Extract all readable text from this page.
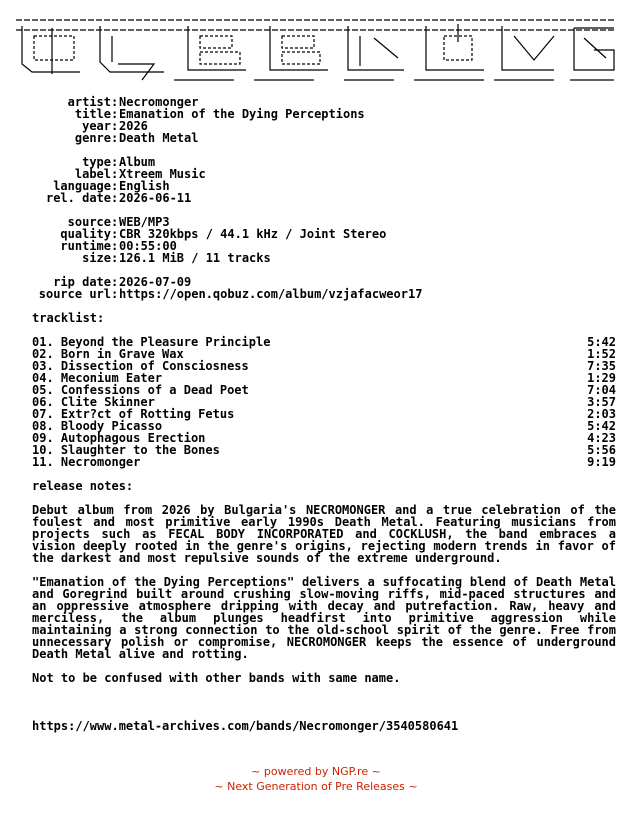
artist : Necromonger
title : Emanation of the Dying Perceptions
year : 2026
genre : Death Metal
type : Album
label : Xtreem Music
language : English
rel. date : 2026-06-11
source : WEB/MP3
quality : CBR 320kbps / 44.1 kHz / Joint Stereo
runtime : 00:55:00
size : 126.1 MiB / 11 tracks
rip date : 2026-07-09
source url : https://open.qobuz.com/album/vzjafacweor17
tracklist:
01. Beyond the Pleasure Principle	5:42
02. Born in Grave Wax	1:52
03. Dissection of Consciosness	7:35
04. Meconium Eater	1:29
05. Confessions of a Dead Poet	7:04
06. Clite Skinner	3:57
07. Extr?ct of Rotting Fetus	2:03
08. Bloody Picasso	5:42
09. Autophagous Erection	4:23
10. Slaughter to the Bones	5:56
11. Necromonger	9:19
release notes:

Debut album from 2026 by Bulgaria's NECROMONGER and a true celebration of the foulest and most primitive early 1990s Death Metal. Featuring musicians from projects such as FECAL BODY INCORPORATED and COCKLUSH, the band embraces a vision deeply rooted in the genre's origins, rejecting modern trends in favor of the darkest and most repulsive sounds of the extreme underground.

"Emanation of the Dying Perceptions" delivers a suffocating blend of Death Metal and Goregrind built around crushing slow-moving riffs, mid-paced structures and an oppressive atmosphere dripping with decay and putrefaction. Raw, heavy and merciless, the album plunges headfirst into primitive aggression while maintaining a strong connection to the old-school spirit of the genre. Free from unnecessary polish or compromise, NECROMONGER keeps the essence of underground Death Metal alive and rotting.

Not to be confused with other bands with same name.

https://www.metal-archives.com/bands/Necromonger/3540580641
~ powered by NGP.re ~
~ Next Generation of Pre Releases ~
